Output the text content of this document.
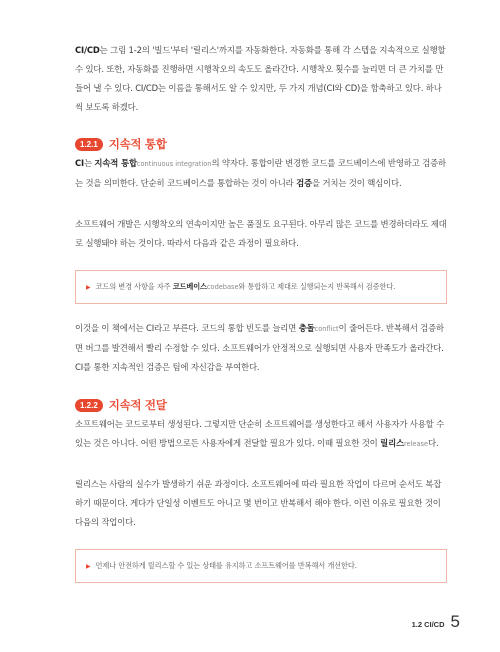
CI/CD는 그림 1-2의 '빌드'부터 '릴리스'까지를 자동화한다. 자동화를 통해 각 스텝을 지속적으로 실행할 수 있다. 또한, 자동화를 진행하면 시행착오의 속도도 올라간다. 시행착오 횟수를 늘리면 더 큰 가치를 만들어 낼 수 있다. CI/CD는 이름을 통해서도 알 수 있지만, 두 가지 개념(CI와 CD)을 함축하고 있다. 하나씩 보도록 하겠다.

1.2.1 지속적 통합

CI는 지속적 통합continuous integration의 약자다. 통합이란 변경한 코드를 코드베이스에 반영하고 검증하는 것을 의미한다. 단순히 코드베이스를 통합하는 것이 아니라 검증을 거치는 것이 핵심이다.

소프트웨어 개발은 시행착오의 연속이지만 높은 품질도 요구된다. 아무리 많은 코드를 변경하더라도 제대로 실행돼야 하는 것이다. 따라서 다음과 같은 과정이 필요하다.

▶ 코드의 변경 사항을 자주 코드베이스codebase와 통합하고 제대로 실행되는지 반복해서 검증한다.

이것을 이 책에서는 CI라고 부른다. 코드의 통합 빈도를 늘리면 충돌conflict이 줄어든다. 반복해서 검증하면 버그를 발견해서 빨리 수정할 수 있다. 소프트웨어가 안정적으로 실행되면 사용자 만족도가 올라간다. CI를 통한 지속적인 검증은 팀에 자신감을 부여한다.

1.2.2 지속적 전달

소프트웨어는 코드로부터 생성된다. 그렇지만 단순히 소프트웨어를 생성한다고 해서 사용자가 사용할 수 있는 것은 아니다. 어떤 방법으로든 사용자에게 전달할 필요가 있다. 이때 필요한 것이 릴리스release다.

릴리스는 사람의 실수가 발생하기 쉬운 과정이다. 소프트웨어에 따라 필요한 작업이 다르며 순서도 복잡하기 때문이다. 게다가 단일성 이벤트도 아니고 몇 번이고 반복해서 해야 한다. 이런 이유로 필요한 것이 다음의 작업이다.

▶ 언제나 안전하게 릴리스할 수 있는 상태를 유지하고 소프트웨어를 반복해서 개선한다.
1.2 CI/CD 5
